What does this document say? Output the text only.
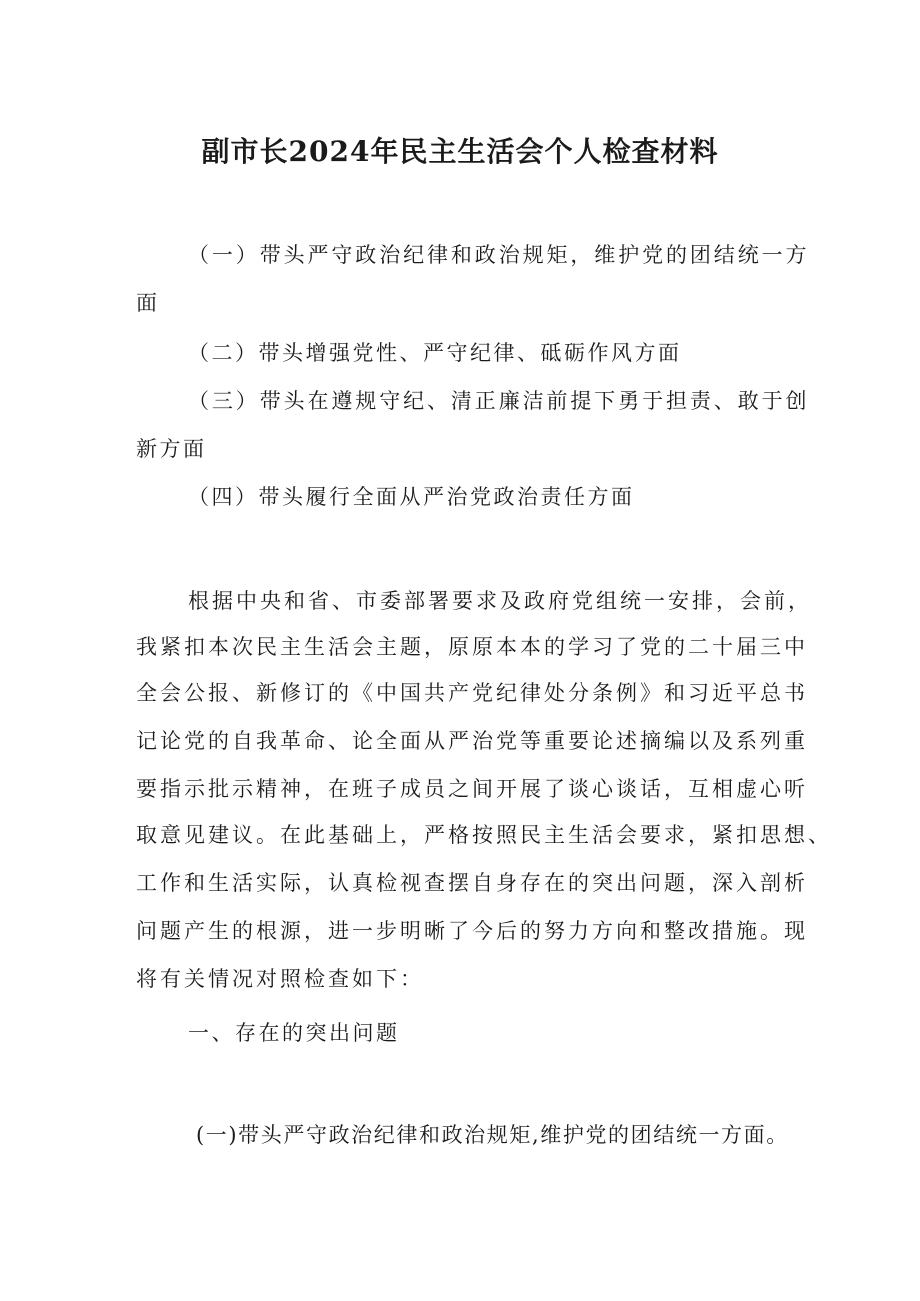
副市长2024年民主生活会个人检查材料
（一）带头严守政治纪律和政治规矩，维护党的团结统一方
面
（二）带头增强党性、严守纪律、砥砺作风方面
（三）带头在遵规守纪、清正廉洁前提下勇于担责、敢于创
新方面
（四）带头履行全面从严治党政治责任方面
根据中央和省、市委部署要求及政府党组统一安排，会前，
我紧扣本次民主生活会主题，原原本本的学习了党的二十届三中
全会公报、新修订的《中国共产党纪律处分条例》和习近平总书
记论党的自我革命、论全面从严治党等重要论述摘编以及系列重
要指示批示精神，在班子成员之间开展了谈心谈话，互相虚心听
取意见建议。在此基础上，严格按照民主生活会要求，紧扣思想、
工作和生活实际，认真检视查摆自身存在的突出问题，深入剖析
问题产生的根源，进一步明晰了今后的努力方向和整改措施。现
将有关情况对照检查如下：
一、存在的突出问题
(一)带头严守政治纪律和政治规矩,维护党的团结统一方面。
